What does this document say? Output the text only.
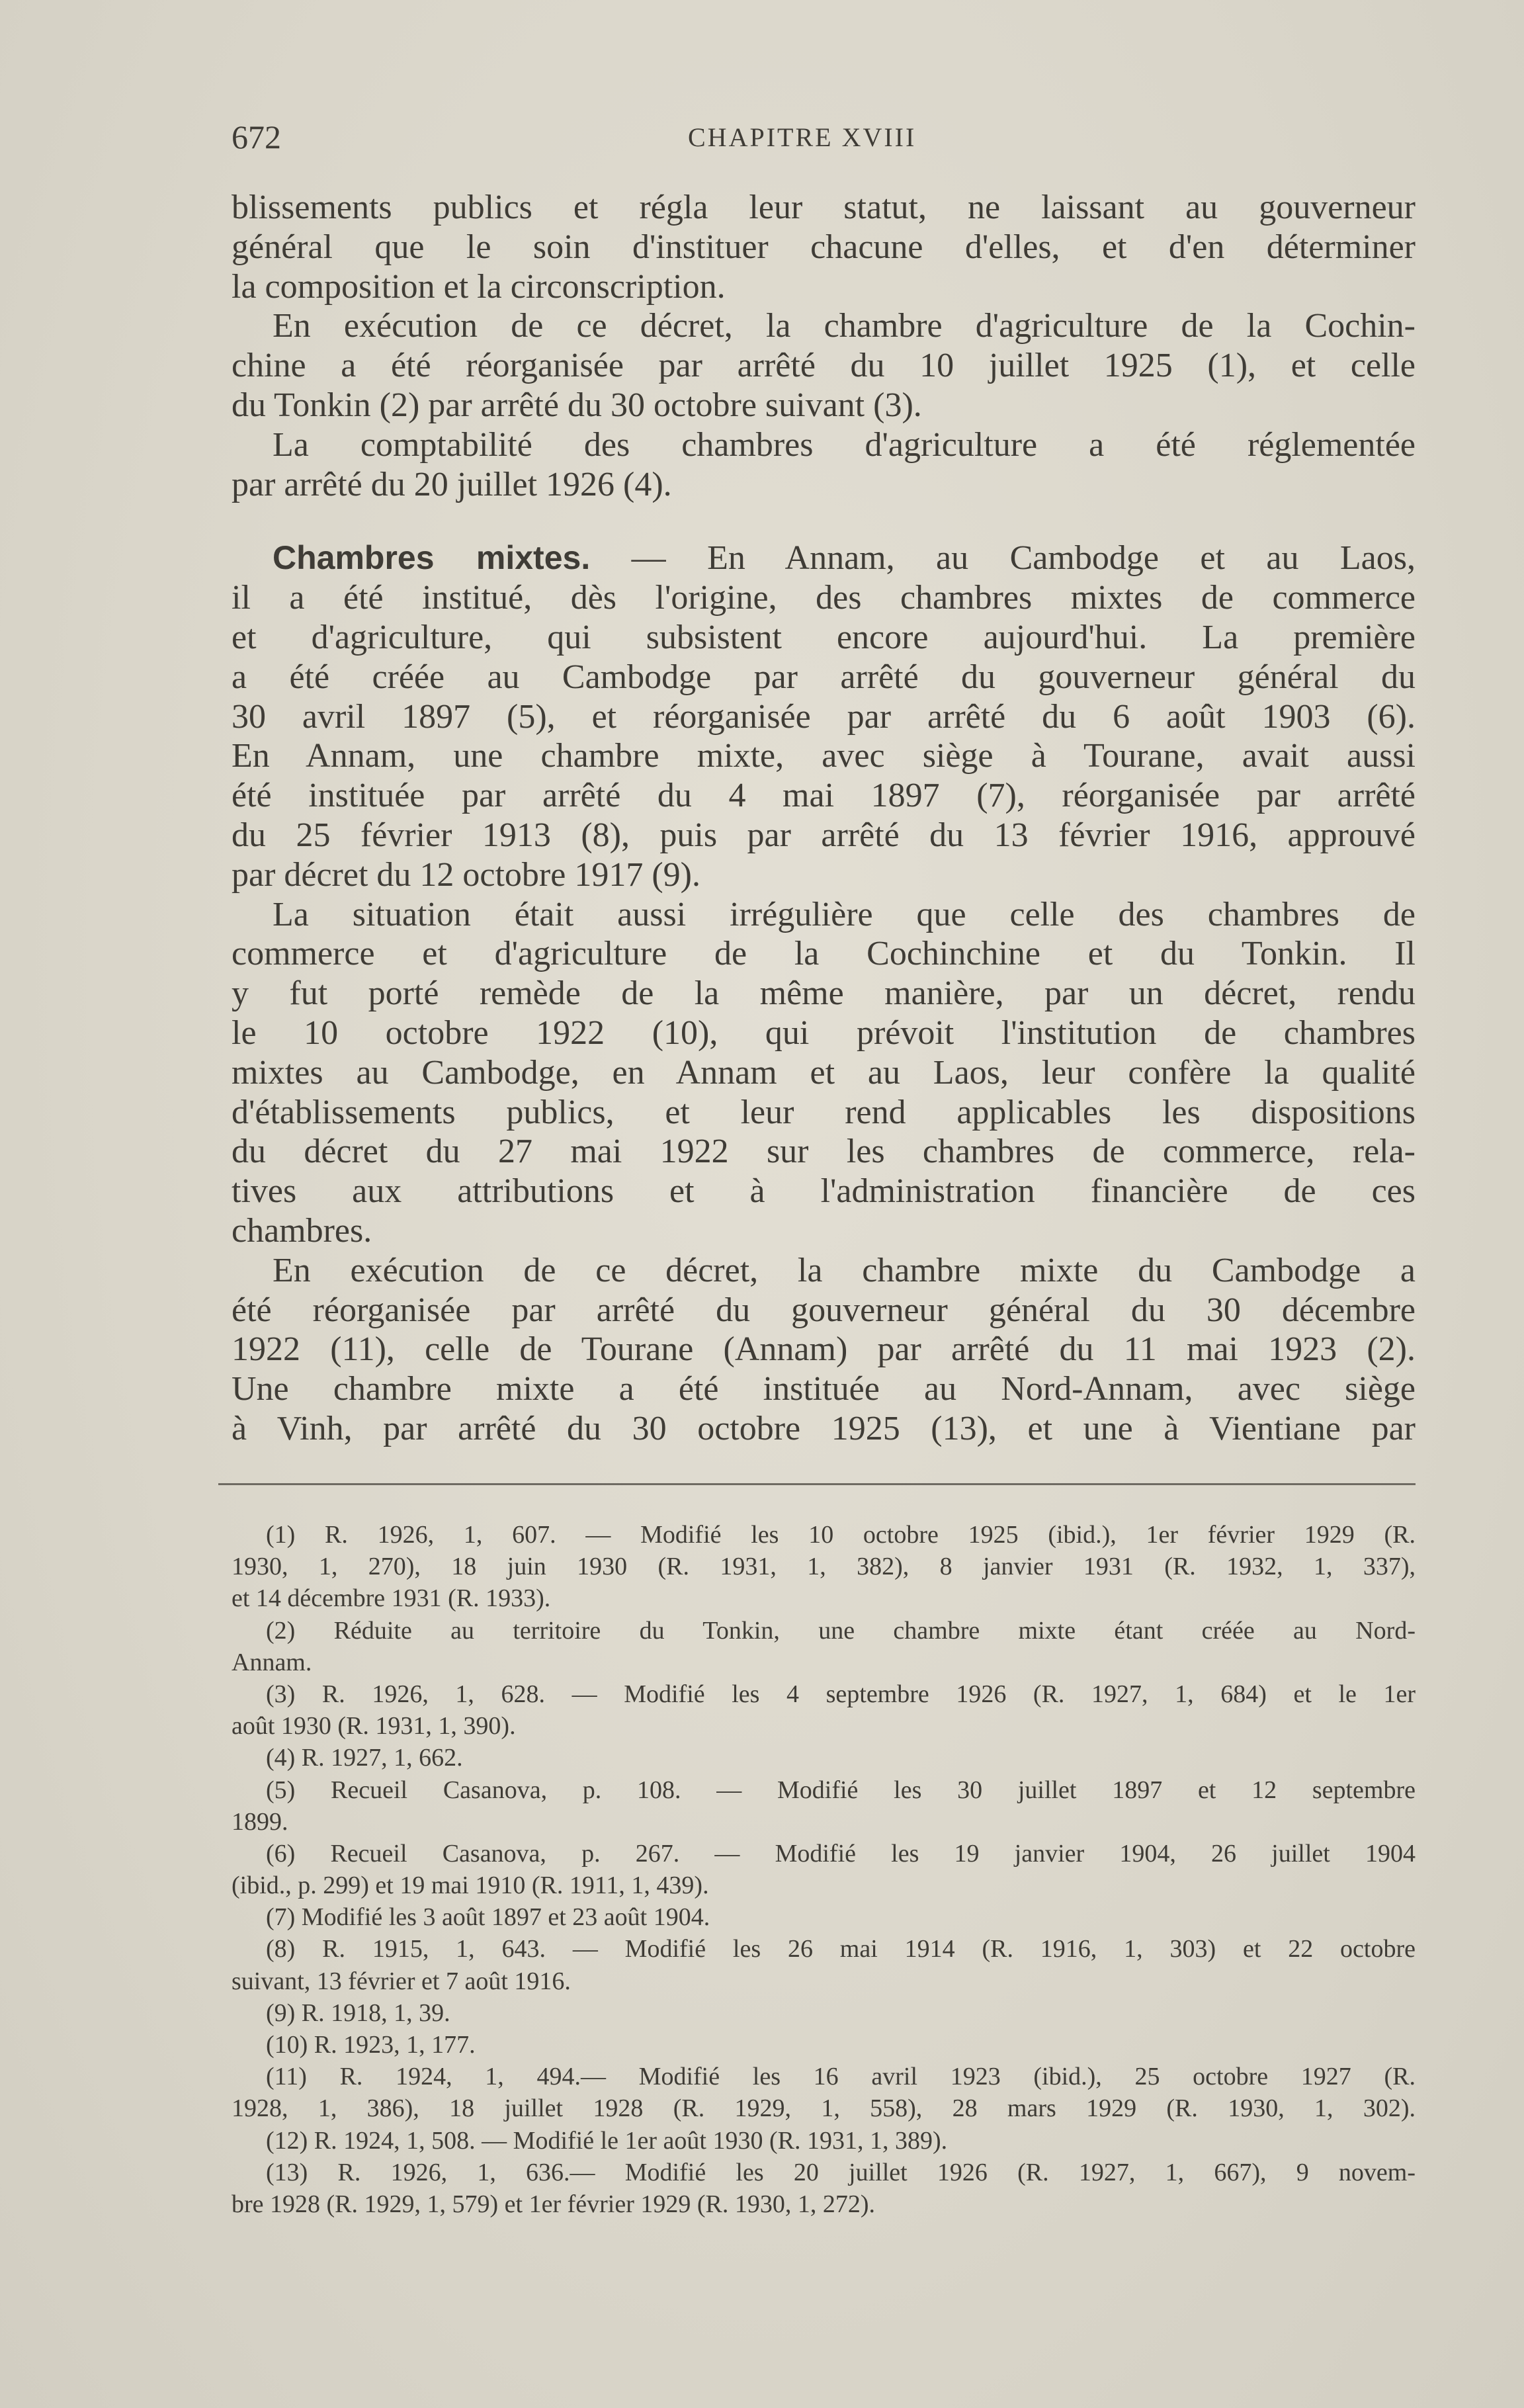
672	CHAPITRE XVIII
blissements publics et régla leur statut, ne laissant au gouverneur
général que le soin d'instituer chacune d'elles, et d'en déterminer
la composition et la circonscription.
En exécution de ce décret, la chambre d'agriculture de la Cochin-
chine a été réorganisée par arrêté du 10 juillet 1925 (1), et celle
du Tonkin (2) par arrêté du 30 octobre suivant (3).
La comptabilité des chambres d'agriculture a été réglementée
par arrêté du 20 juillet 1926 (4).
Chambres mixtes. — En Annam, au Cambodge et au Laos,
il a été institué, dès l'origine, des chambres mixtes de commerce
et d'agriculture, qui subsistent encore aujourd'hui. La première
a été créée au Cambodge par arrêté du gouverneur général du
30 avril 1897 (5), et réorganisée par arrêté du 6 août 1903 (6).
En Annam, une chambre mixte, avec siège à Tourane, avait aussi
été instituée par arrêté du 4 mai 1897 (7), réorganisée par arrêté
du 25 février 1913 (8), puis par arrêté du 13 février 1916, approuvé
par décret du 12 octobre 1917 (9).
La situation était aussi irrégulière que celle des chambres de
commerce et d'agriculture de la Cochinchine et du Tonkin. Il
y fut porté remède de la même manière, par un décret, rendu
le 10 octobre 1922 (10), qui prévoit l'institution de chambres
mixtes au Cambodge, en Annam et au Laos, leur confère la qualité
d'établissements publics, et leur rend applicables les dispositions
du décret du 27 mai 1922 sur les chambres de commerce, rela-
tives aux attributions et à l'administration financière de ces
chambres.
En exécution de ce décret, la chambre mixte du Cambodge a
été réorganisée par arrêté du gouverneur général du 30 décembre
1922 (11), celle de Tourane (Annam) par arrêté du 11 mai 1923 (2).
Une chambre mixte a été instituée au Nord-Annam, avec siège
à Vinh, par arrêté du 30 octobre 1925 (13), et une à Vientiane par
(1) R. 1926, 1, 607. — Modifié les 10 octobre 1925 (ibid.), 1er février 1929 (R.
1930, 1, 270), 18 juin 1930 (R. 1931, 1, 382), 8 janvier 1931 (R. 1932, 1, 337),
et 14 décembre 1931 (R. 1933).
(2) Réduite au territoire du Tonkin, une chambre mixte étant créée au Nord-
Annam.
(3) R. 1926, 1, 628. — Modifié les 4 septembre 1926 (R. 1927, 1, 684) et le 1er
août 1930 (R. 1931, 1, 390).
(4) R. 1927, 1, 662.
(5) Recueil Casanova, p. 108. — Modifié les 30 juillet 1897 et 12 septembre
1899.
(6) Recueil Casanova, p. 267. — Modifié les 19 janvier 1904, 26 juillet 1904
(ibid., p. 299) et 19 mai 1910 (R. 1911, 1, 439).
(7) Modifié les 3 août 1897 et 23 août 1904.
(8) R. 1915, 1, 643. — Modifié les 26 mai 1914 (R. 1916, 1, 303) et 22 octobre
suivant, 13 février et 7 août 1916.
(9) R. 1918, 1, 39.
(10) R. 1923, 1, 177.
(11) R. 1924, 1, 494.— Modifié les 16 avril 1923 (ibid.), 25 octobre 1927 (R.
1928, 1, 386), 18 juillet 1928 (R. 1929, 1, 558), 28 mars 1929 (R. 1930, 1, 302).
(12) R. 1924, 1, 508. — Modifié le 1er août 1930 (R. 1931, 1, 389).
(13) R. 1926, 1, 636.— Modifié les 20 juillet 1926 (R. 1927, 1, 667), 9 novem-
bre 1928 (R. 1929, 1, 579) et 1er février 1929 (R. 1930, 1, 272).
